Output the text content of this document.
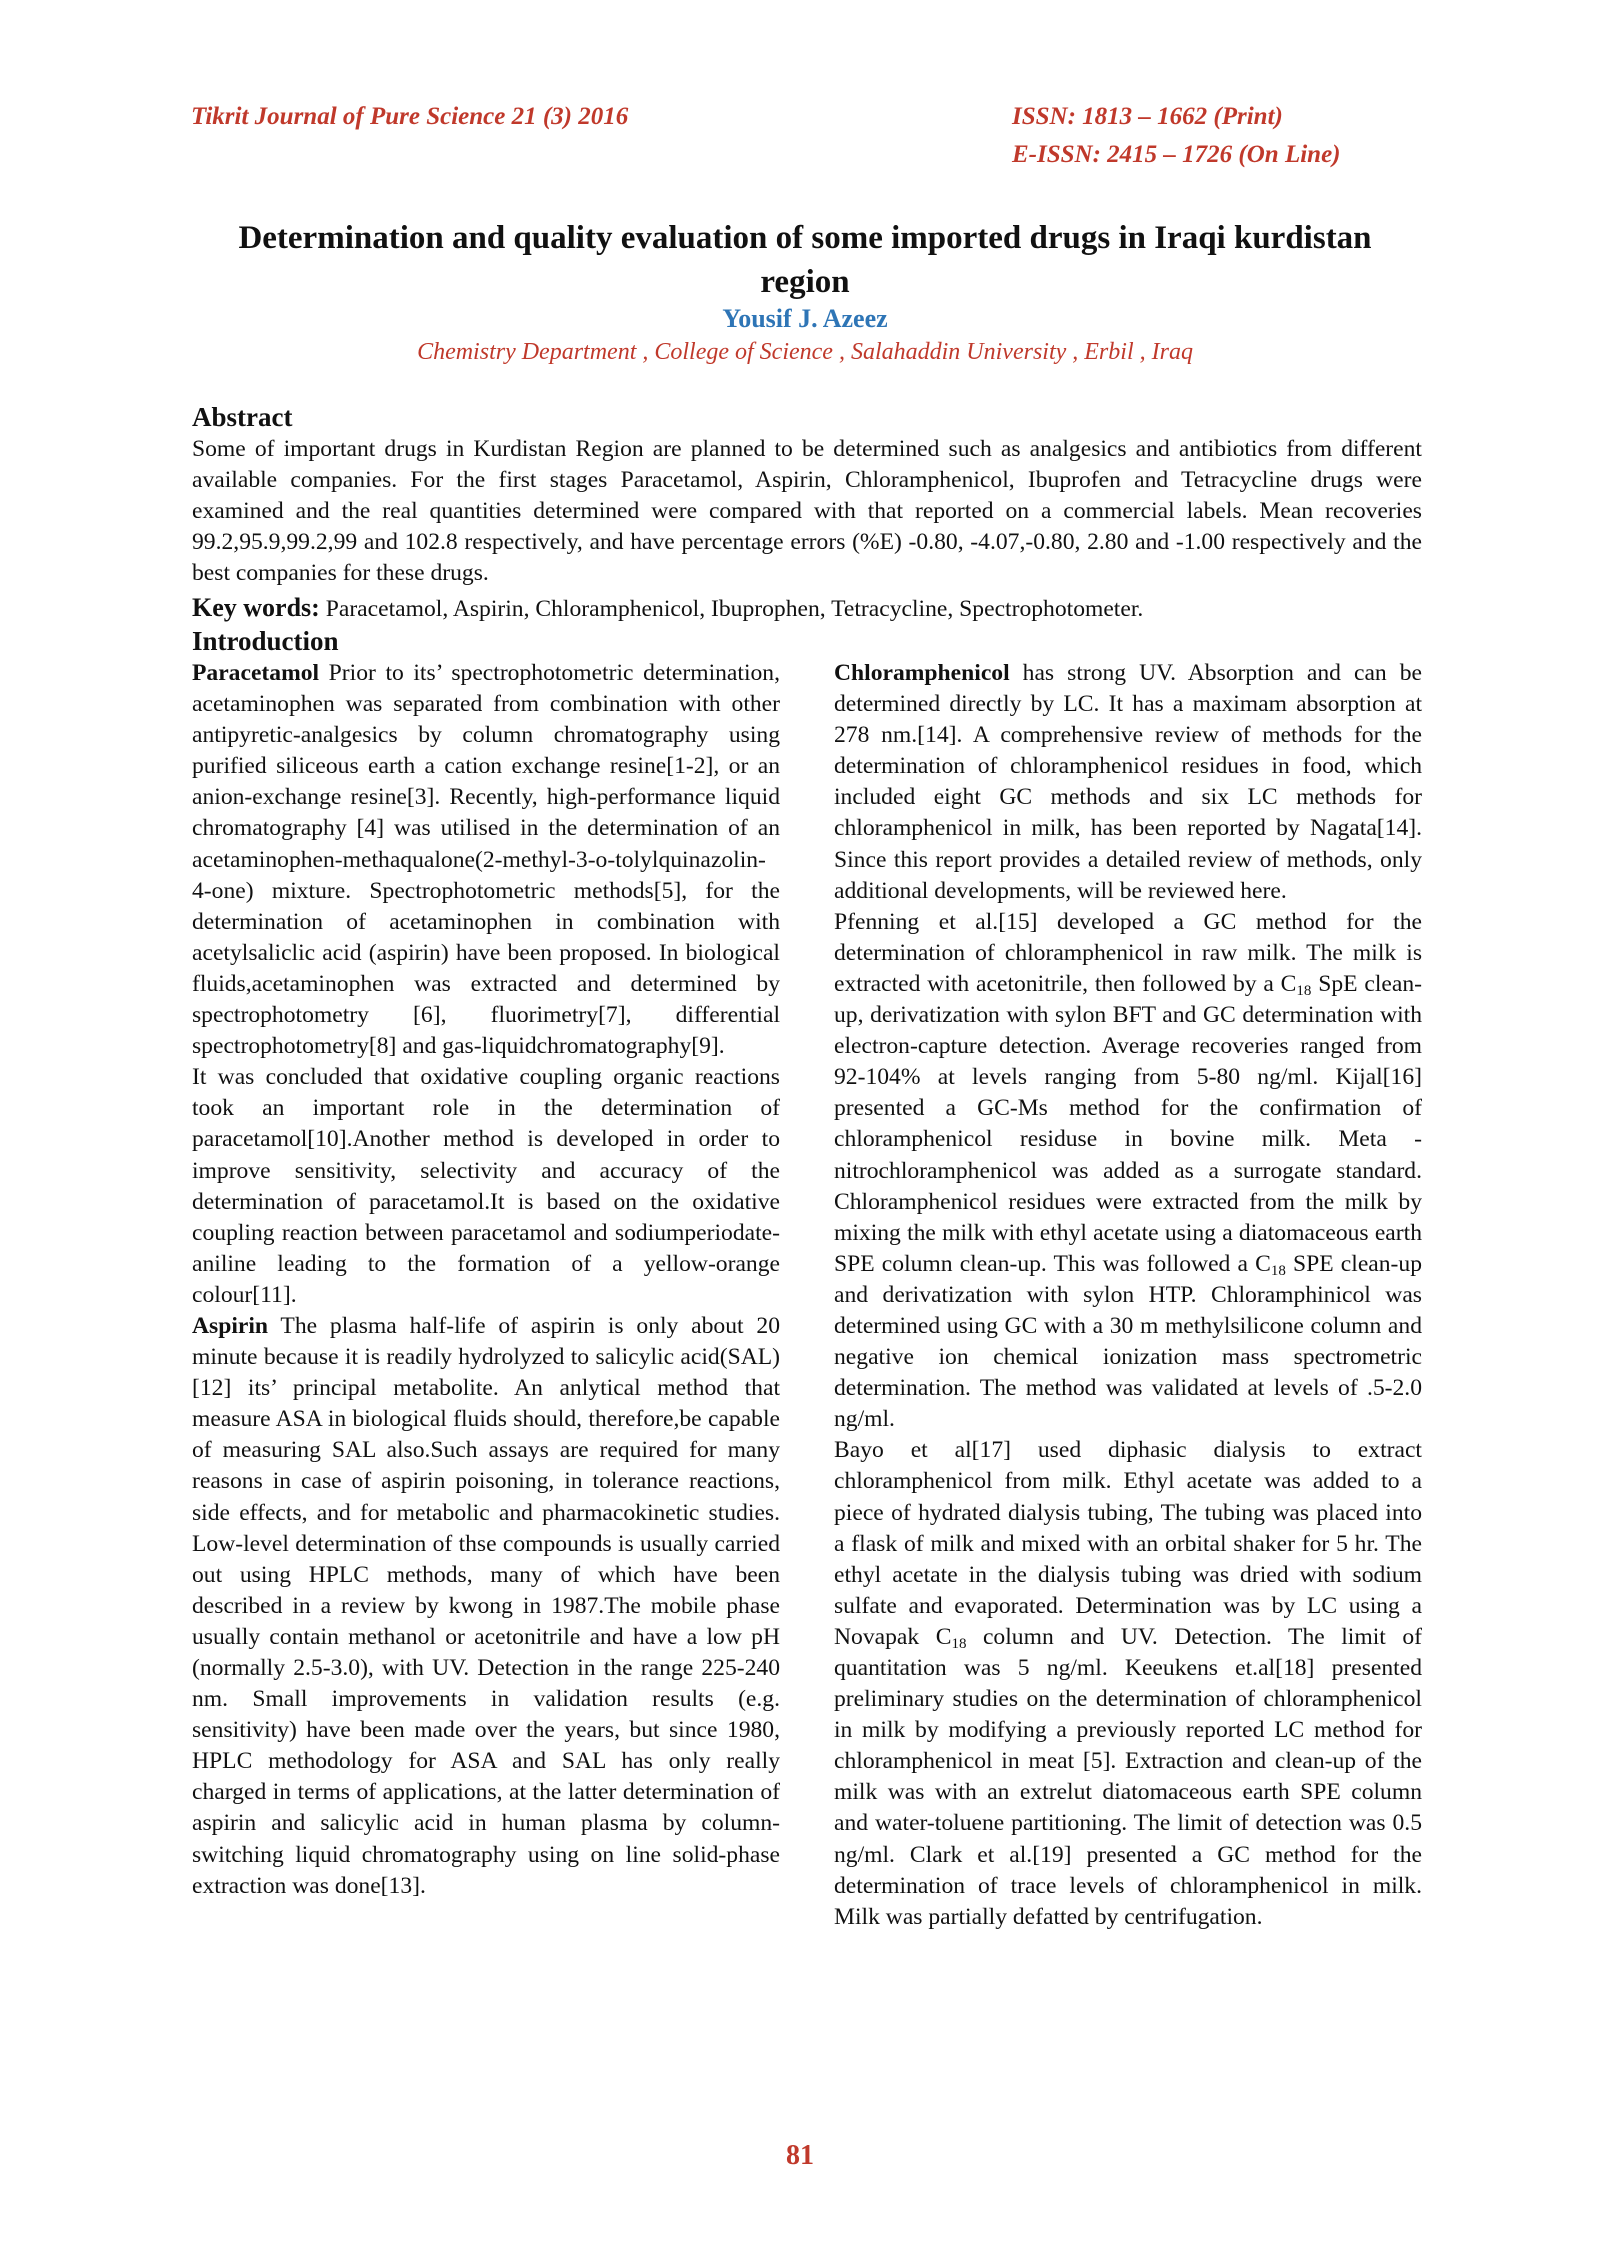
Tikrit Journal of Pure Science 21 (3) 2016	ISSN: 1813 – 1662 (Print)
E-ISSN: 2415 – 1726 (On Line)
Determination and quality evaluation of some imported drugs in Iraqi kurdistan region
Yousif J. Azeez
Chemistry Department , College of Science , Salahaddin University , Erbil , Iraq
Abstract
Some of important drugs in Kurdistan Region are planned to be determined such as analgesics and antibiotics from different available companies. For the first stages Paracetamol, Aspirin, Chloramphenicol, Ibuprofen and Tetracycline drugs were examined and the real quantities determined were compared with that reported on a commercial labels. Mean recoveries 99.2,95.9,99.2,99 and 102.8 respectively, and have percentage errors (%E) -0.80, -4.07,-0.80, 2.80 and -1.00 respectively and the best companies for these drugs.
Key words: Paracetamol, Aspirin, Chloramphenicol, Ibuprophen, Tetracycline, Spectrophotometer.
Introduction

Paracetamol Prior to its’ spectrophotometric determination, acetaminophen was separated from combination with other antipyretic-analgesics by column chromatography using purified siliceous earth a cation exchange resine[1-2], or an anion-exchange resine[3]. Recently, high-performance liquid chromatography [4] was utilised in the determination of an acetaminophen-methaqualone(2-methyl-3-o-tolylquinazolin-4-one) mixture. Spectrophotometric methods[5], for the determination of acetaminophen in combination with acetylsaliclic acid (aspirin) have been proposed. In biological fluids,acetaminophen was extracted and determined by spectrophotometry [6], fluorimetry[7], differential spectrophotometry[8] and gas-liquidchromatography[9].

It was concluded that oxidative coupling organic reactions took an important role in the determination of paracetamol[10].Another method is developed in order to improve sensitivity, selectivity and accuracy of the determination of paracetamol.It is based on the oxidative coupling reaction between paracetamol and sodiumperiodate-aniline leading to the formation of a yellow-orange colour[11].

Aspirin The plasma half-life of aspirin is only about 20 minute because it is readily hydrolyzed to salicylic acid(SAL)[12] its’ principal metabolite. An anlytical method that measure ASA in biological fluids should, therefore,be capable of measuring SAL also.Such assays are required for many reasons in case of aspirin poisoning, in tolerance reactions, side effects, and for metabolic and pharmacokinetic studies. Low-level determination of thse compounds is usually carried out using HPLC methods, many of which have been described in a review by kwong in 1987.The mobile phase usually contain methanol or acetonitrile and have a low pH (normally 2.5-3.0), with UV. Detection in the range 225-240 nm. Small improvements in validation results (e.g. sensitivity) have been made over the years, but since 1980, HPLC methodology for ASA and SAL has only really charged in terms of applications, at the latter determination of aspirin and salicylic acid in human plasma by column-switching liquid chromatography using on line solid-phase extraction was done[13].

Chloramphenicol has strong UV. Absorption and can be determined directly by LC. It has a maximam absorption at 278 nm.[14]. A comprehensive review of methods for the determination of chloramphenicol residues in food, which included eight GC methods and six LC methods for chloramphenicol in milk, has been reported by Nagata[14]. Since this report provides a detailed review of methods, only additional developments, will be reviewed here.

Pfenning et al.[15] developed a GC method for the determination of chloramphenicol in raw milk. The milk is extracted with acetonitrile, then followed by a $C_{18}$ SpE clean-up, derivatization with sylon BFT and GC determination with electron-capture detection. Average recoveries ranged from 92-104% at levels ranging from 5-80 ng/ml. Kijal[16] presented a GC-Ms method for the confirmation of chloramphenicol residuse in bovine milk. Meta - nitrochloramphenicol was added as a surrogate standard. Chloramphenicol residues were extracted from the milk by mixing the milk with ethyl acetate using a diatomaceous earth SPE column clean-up. This was followed a $C_{18}$ SPE clean-up and derivatization with sylon HTP. Chloramphinicol was determined using GC with a 30 m methylsilicone column and negative ion chemical ionization mass spectrometric determination. The method was validated at levels of .5-2.0 ng/ml.

Bayo et al[17] used diphasic dialysis to extract chloramphenicol from milk. Ethyl acetate was added to a piece of hydrated dialysis tubing, The tubing was placed into a flask of milk and mixed with an orbital shaker for 5 hr. The ethyl acetate in the dialysis tubing was dried with sodium sulfate and evaporated. Determination was by LC using a Novapak $C_{18}$ column and UV. Detection. The limit of quantitation was 5 ng/ml. Keeukens et.al[18] presented preliminary studies on the determination of chloramphenicol in milk by modifying a previously reported LC method for chloramphenicol in meat [5]. Extraction and clean-up of the milk was with an extrelut diatomaceous earth SPE column and water-toluene partitioning. The limit of detection was 0.5 ng/ml. Clark et al.[19] presented a GC method for the determination of trace levels of chloramphenicol in milk. Milk was partially defatted by centrifugation.

81
